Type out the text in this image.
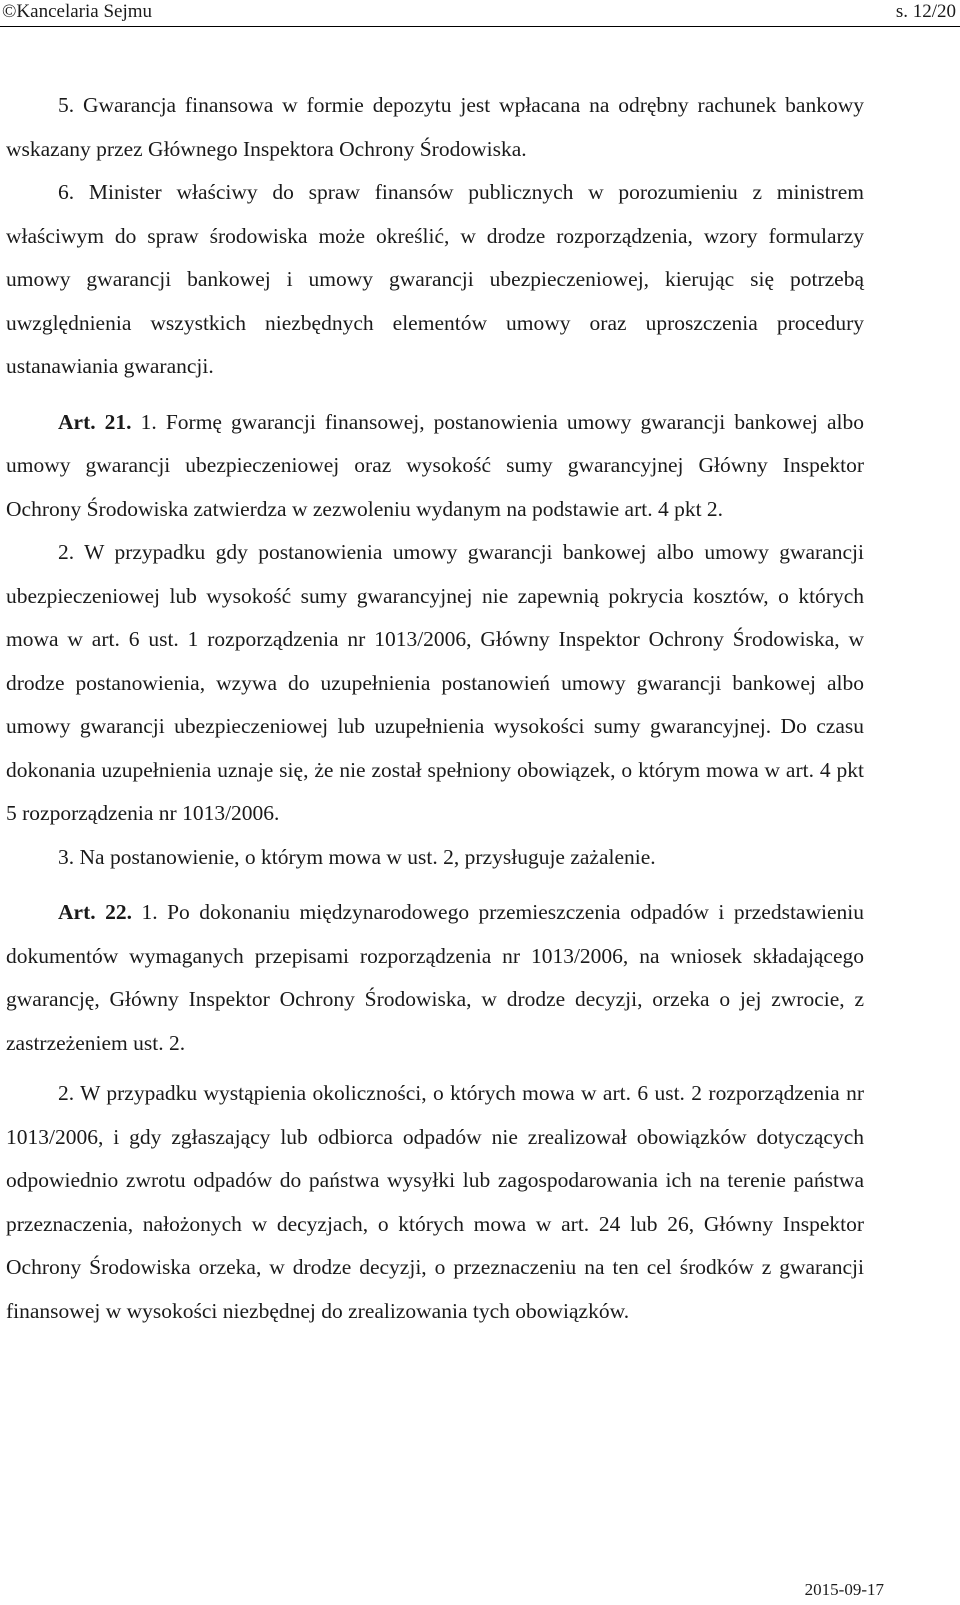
©Kancelaria Sejmu	s. 12/20

5. Gwarancja finansowa w formie depozytu jest wpłacana na odrębny rachunek bankowy wskazany przez Głównego Inspektora Ochrony Środowiska.

6. Minister właściwy do spraw finansów publicznych w porozumieniu z ministrem właściwym do spraw środowiska może określić, w drodze rozporządzenia, wzory formularzy umowy gwarancji bankowej i umowy gwarancji ubezpieczeniowej, kierując się potrzebą uwzględnienia wszystkich niezbędnych elementów umowy oraz uproszczenia procedury ustanawiania gwarancji.

Art. 21. 1. Formę gwarancji finansowej, postanowienia umowy gwarancji bankowej albo umowy gwarancji ubezpieczeniowej oraz wysokość sumy gwarancyjnej Główny Inspektor Ochrony Środowiska zatwierdza w zezwoleniu wydanym na podstawie art. 4 pkt 2.

2. W przypadku gdy postanowienia umowy gwarancji bankowej albo umowy gwarancji ubezpieczeniowej lub wysokość sumy gwarancyjnej nie zapewnią pokrycia kosztów, o których mowa w art. 6 ust. 1 rozporządzenia nr 1013/2006, Główny Inspektor Ochrony Środowiska, w drodze postanowienia, wzywa do uzupełnienia postanowień umowy gwarancji bankowej albo umowy gwarancji ubezpieczeniowej lub uzupełnienia wysokości sumy gwarancyjnej. Do czasu dokonania uzupełnienia uznaje się, że nie został spełniony obowiązek, o którym mowa w art. 4 pkt 5 rozporządzenia nr 1013/2006.

3. Na postanowienie, o którym mowa w ust. 2, przysługuje zażalenie.

Art. 22. 1. Po dokonaniu międzynarodowego przemieszczenia odpadów i przedstawieniu dokumentów wymaganych przepisami rozporządzenia nr 1013/2006, na wniosek składającego gwarancję, Główny Inspektor Ochrony Środowiska, w drodze decyzji, orzeka o jej zwrocie, z zastrzeżeniem ust. 2.

2. W przypadku wystąpienia okoliczności, o których mowa w art. 6 ust. 2 rozporządzenia nr 1013/2006, i gdy zgłaszający lub odbiorca odpadów nie zrealizował obowiązków dotyczących odpowiednio zwrotu odpadów do państwa wysyłki lub zagospodarowania ich na terenie państwa przeznaczenia, nałożonych w decyzjach, o których mowa w art. 24 lub 26, Główny Inspektor Ochrony Środowiska orzeka, w drodze decyzji, o przeznaczeniu na ten cel środków z gwarancji finansowej w wysokości niezbędnej do zrealizowania tych obowiązków.

2015-09-17
